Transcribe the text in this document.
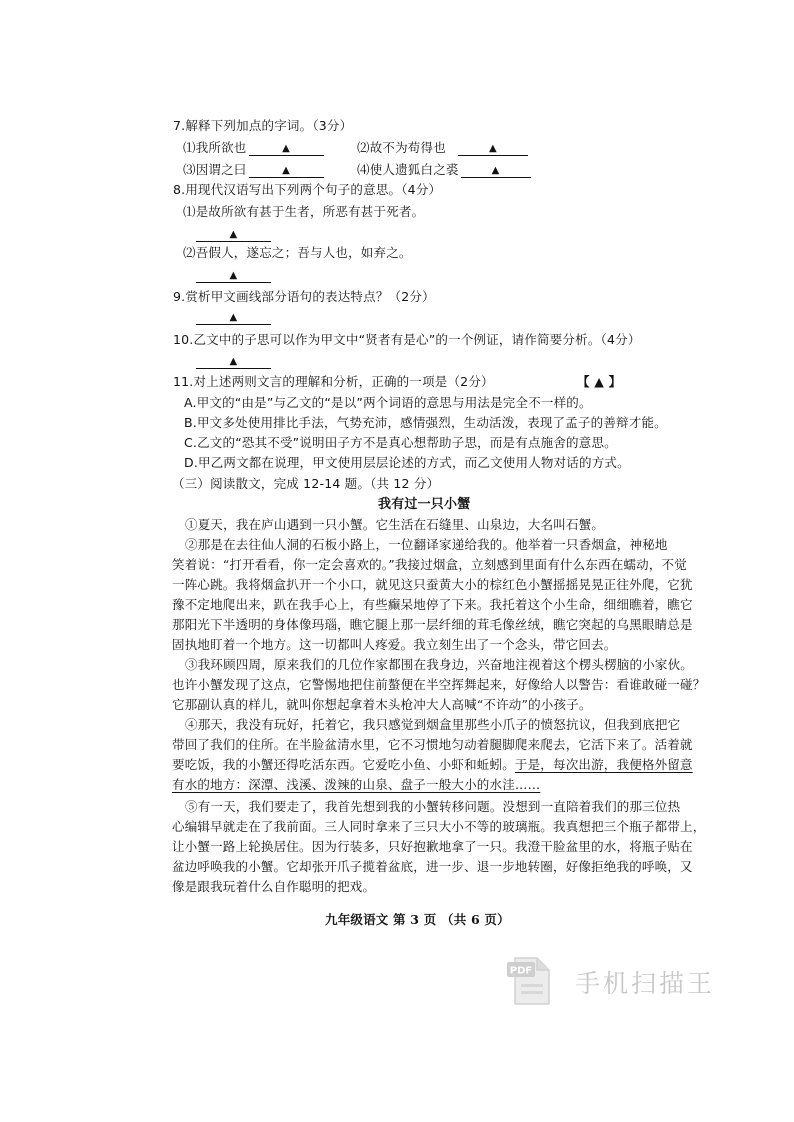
7.解释下列加点的字词。（3分）
⑴我所欲也	▲	⑵故不为苟得也	▲
⑶因谓之曰	▲	⑷使人遗狐白之裘	▲
8.用现代汉语写出下列两个句子的意思。（4分）
⑴是故所欲有甚于生者，所恶有甚于死者。
▲
⑵吾假人，遂忘之；吾与人也，如弃之。
▲
9.赏析甲文画线部分语句的表达特点？（2分）
▲
10.乙文中的子思可以作为甲文中“贤者有是心”的一个例证，请作简要分析。（4分）
▲
11.对上述两则文言的理解和分析，正确的一项是（2分）	【 ▲ 】
A.甲文的“由是”与乙文的“是以”两个词语的意思与用法是完全不一样的。
B.甲文多处使用排比手法，气势充沛，感情强烈，生动活泼，表现了孟子的善辩才能。
C.乙文的“恐其不受”说明田子方不是真心想帮助子思，而是有点施舍的意思。
D.甲乙两文都在说理，甲文使用层层论述的方式，而乙文使用人物对话的方式。
（三）阅读散文，完成 12-14 题。（共 12 分）
我有过一只小蟹
①夏天，我在庐山遇到一只小蟹。它生活在石缝里、山泉边，大名叫石蟹。
②那是在去往仙人洞的石板小路上，一位翻译家递给我的。他举着一只香烟盒，神秘地
笑着说：“打开看看，你一定会喜欢的。”我接过烟盒，立刻感到里面有什么东西在蠕动，不觉
一阵心跳。我将烟盒扒开一个小口，就见这只蚕黄大小的棕红色小蟹摇摇晃晃正往外爬，它犹
豫不定地爬出来，趴在我手心上，有些癫呆地停了下来。我托着这个小生命，细细瞧着，瞧它
那阳光下半透明的身体像玛瑙，瞧它腿上那一层纤细的茸毛像丝绒，瞧它突起的乌黑眼睛总是
固执地盯着一个地方。这一切都叫人疼爱。我立刻生出了一个念头，带它回去。
③我环顾四周，原来我们的几位作家都围在我身边，兴奋地注视着这个楞头楞脑的小家伙。
也许小蟹发现了这点，它警惕地把住前螯便在半空挥舞起来，好像给人以警告：看谁敢碰一碰？
它那副认真的样儿，就叫你想起拿着木头枪冲大人高喊“不许动”的小孩子。
④那天，我没有玩好，托着它，我只感觉到烟盒里那些小爪子的愤怒抗议，但我到底把它
带回了我们的住所。在半脸盆清水里，它不习惯地匀动着腿脚爬来爬去，它活下来了。活着就
要吃饭，我的小蟹还得吃活东西。它爱吃小鱼、小虾和蚯蚓。于是，每次出游，我便格外留意
有水的地方：深潭、浅溪、泼辣的山泉、盘子一般大小的水洼……
⑤有一天，我们要走了，我首先想到我的小蟹转移问题。没想到一直陪着我们的那三位热
心编辑早就走在了我前面。三人同时拿来了三只大小不等的玻璃瓶。我真想把三个瓶子都带上，
让小蟹一路上轮换居住。因为行装多，只好抱歉地拿了一只。我澄干脸盆里的水，将瓶子贴在
盆边呼唤我的小蟹。它却张开爪子揽着盆底，进一步、退一步地转圈，好像拒绝我的呼唤，又
像是跟我玩着什么自作聪明的把戏。
九年级语文 第 3 页 （共 6 页）
PDF 手机扫描王
